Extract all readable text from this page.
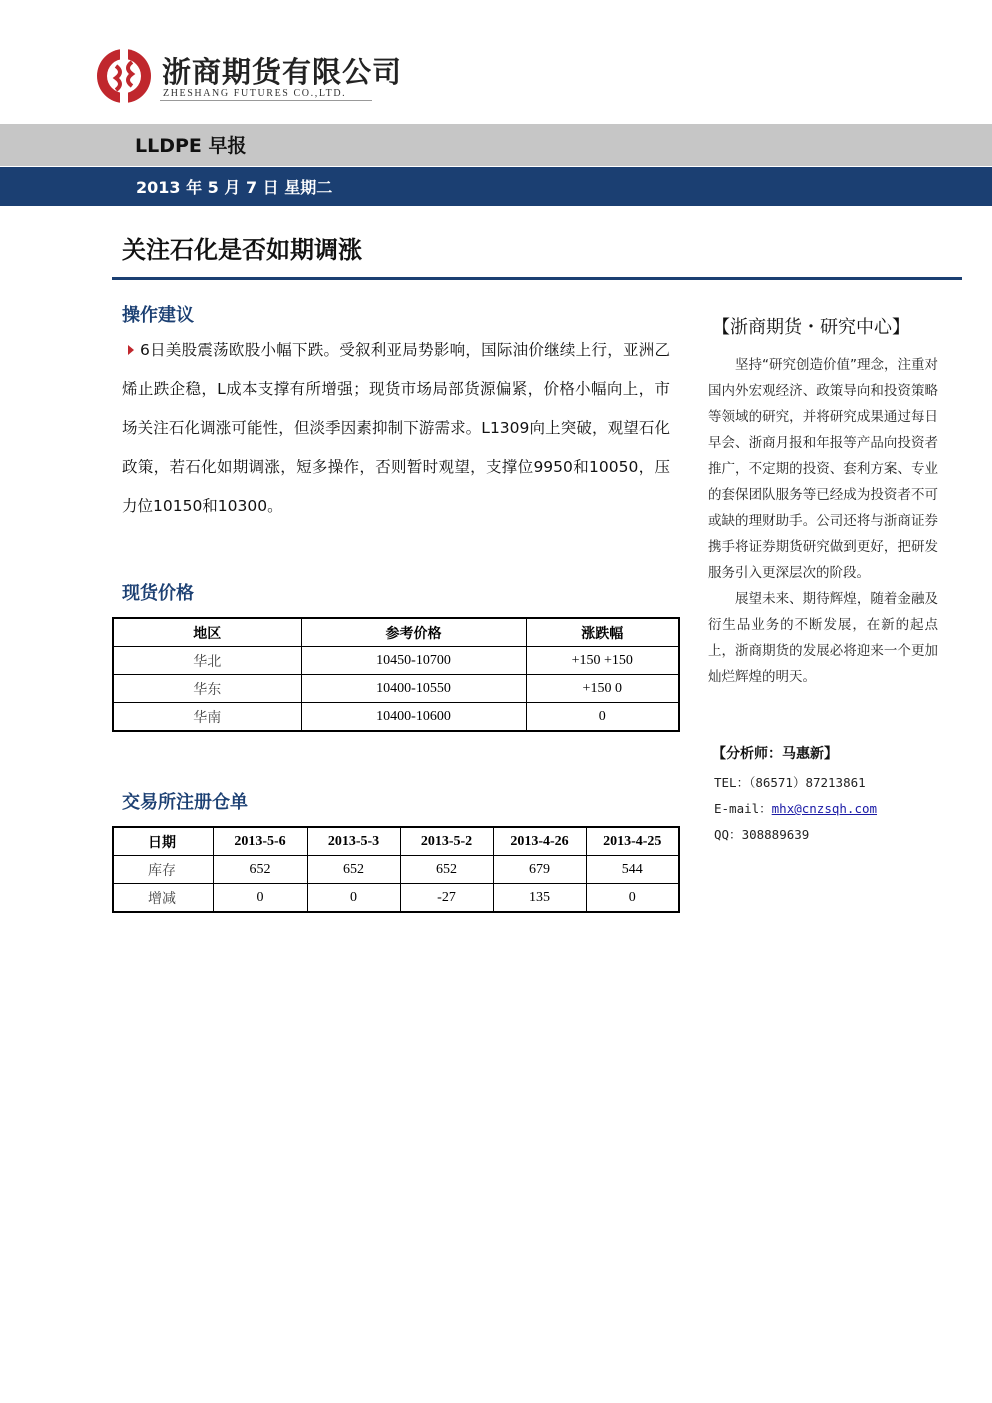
浙商期货有限公司
ZHESHANG FUTURES CO.,LTD.
LLDPE 早报
2013 年 5 月 7 日 星期二
关注石化是否如期调涨
操作建议
6日美股震荡欧股小幅下跌。受叙利亚局势影响，国际油价继续上行，亚洲乙烯止跌企稳，L成本支撑有所增强；现货市场局部货源偏紧，价格小幅向上，市场关注石化调涨可能性，但淡季因素抑制下游需求。L1309向上突破，观望石化政策，若石化如期调涨，短多操作，否则暂时观望，支撑位9950和10050，压力位10150和10300。
现货价格
地区	参考价格	涨跌幅
华北	10450-10700	+150 +150
华东	10400-10550	+150 0
华南	10400-10600	0
交易所注册仓单
日期	2013-5-6	2013-5-3	2013-5-2	2013-4-26	2013-4-25
库存	652	652	652	679	544
增减	0	0	-27	135	0
【浙商期货・研究中心】

坚持“研究创造价值”理念，注重对国内外宏观经济、政策导向和投资策略等领域的研究，并将研究成果通过每日早会、浙商月报和年报等产品向投资者推广，不定期的投资、套利方案、专业的套保团队服务等已经成为投资者不可或缺的理财助手。公司还将与浙商证券携手将证券期货研究做到更好，把研发服务引入更深层次的阶段。

展望未来、期待辉煌，随着金融及衍生品业务的不断发展，在新的起点上，浙商期货的发展必将迎来一个更加灿烂辉煌的明天。

【分析师：马惠新】
TEL：（86571）87213861
E-mail：mhx@cnzsqh.com
QQ：308889639
